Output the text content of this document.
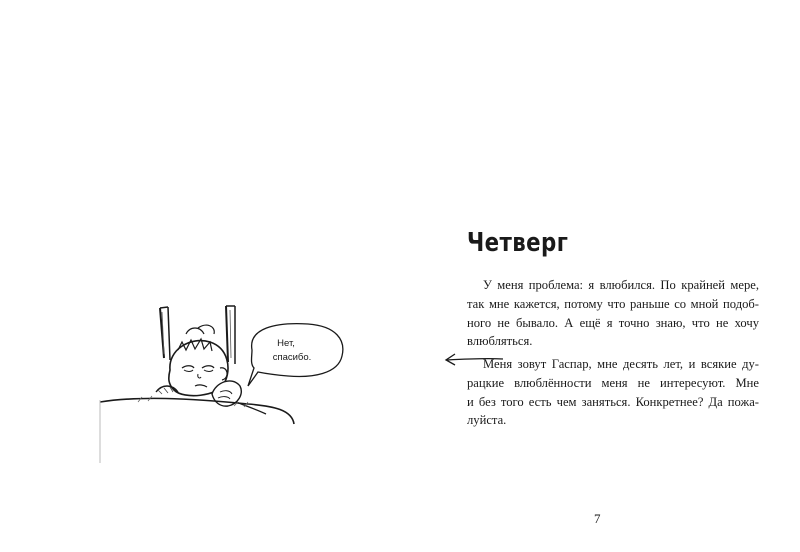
Нет,
спасибо.
Четверг
У меня проблема: я влюбился. По крайней мере,
так мне кажется, потому что раньше со мной подоб-
ного не бывало. А ещё я точно знаю, что не хочу
влюбляться.
Меня зовут Гаспар, мне десять лет, и всякие ду-
рацкие влюблённости меня не интересуют. Мне
и без того есть чем заняться. Конкретнее? Да пожа-
луйста.
7
